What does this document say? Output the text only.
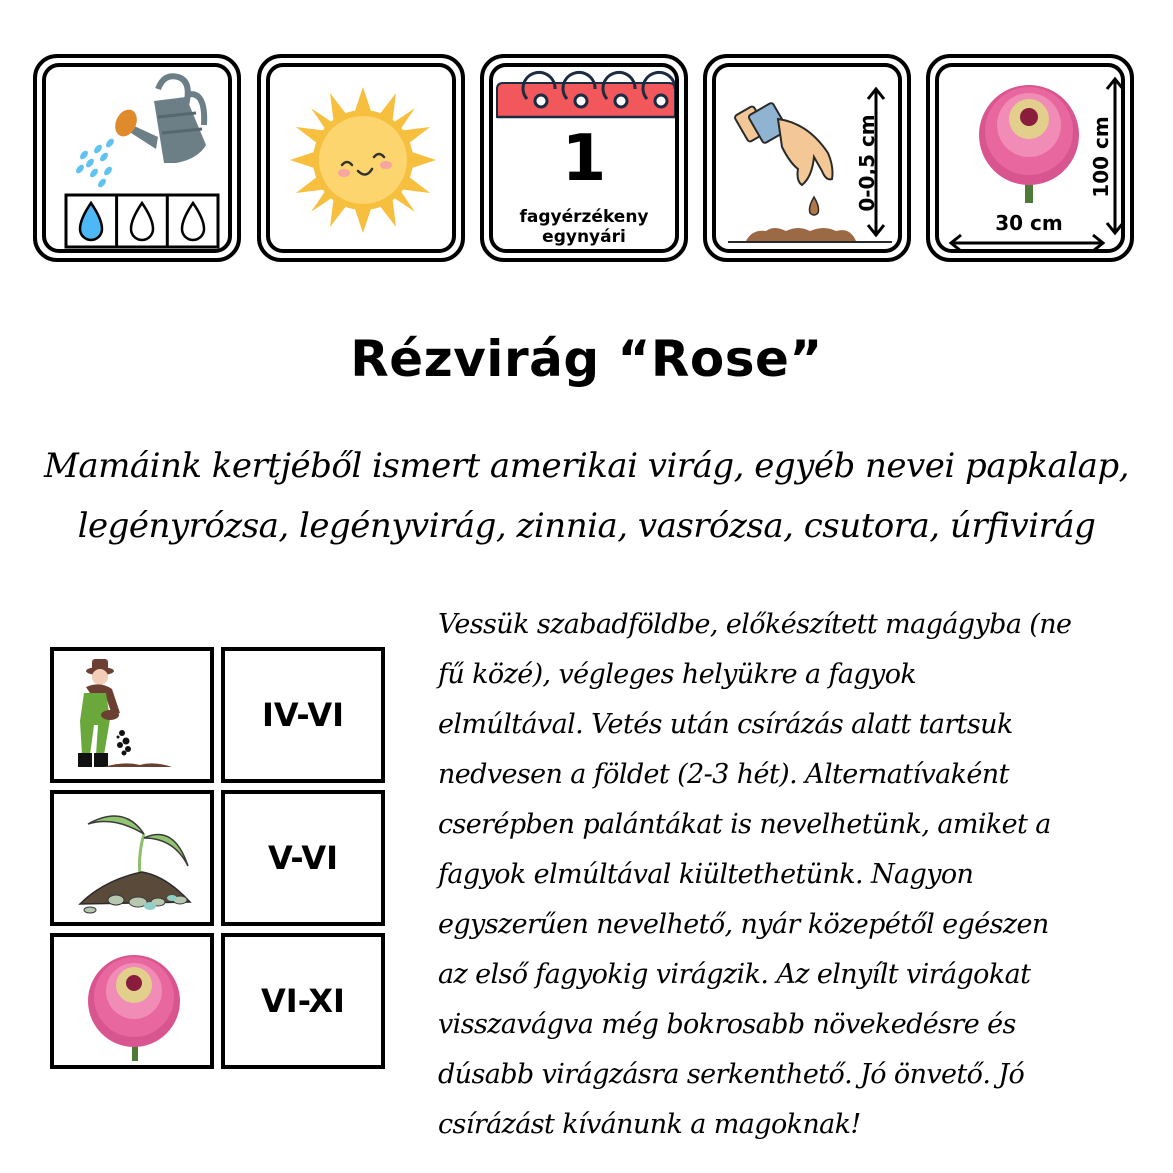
1
fagyérzékeny
egynyári
0-0,5 cm	100 cm
30 cm
Rézvirág “Rose”
Mamáink kertjéből ismert amerikai virág, egyéb nevei papkalap,
legényrózsa, legényvirág, zinnia, vasrózsa, csutora, úrfivirág
IV-VI
V-VI
VI-XI
Vessük szabadföldbe, előkészített magágyba (ne
fű közé), végleges helyükre a fagyok
elmúltával. Vetés után csírázás alatt tartsuk
nedvesen a földet (2-3 hét). Alternatívaként
cserépben palántákat is nevelhetünk, amiket a
fagyok elmúltával kiültethetünk. Nagyon
egyszerűen nevelhető, nyár közepétől egészen
az első fagyokig virágzik. Az elnyílt virágokat
visszavágva még bokrosabb növekedésre és
dúsabb virágzásra serkenthető. Jó önvető. Jó
csírázást kívánunk a magoknak!
